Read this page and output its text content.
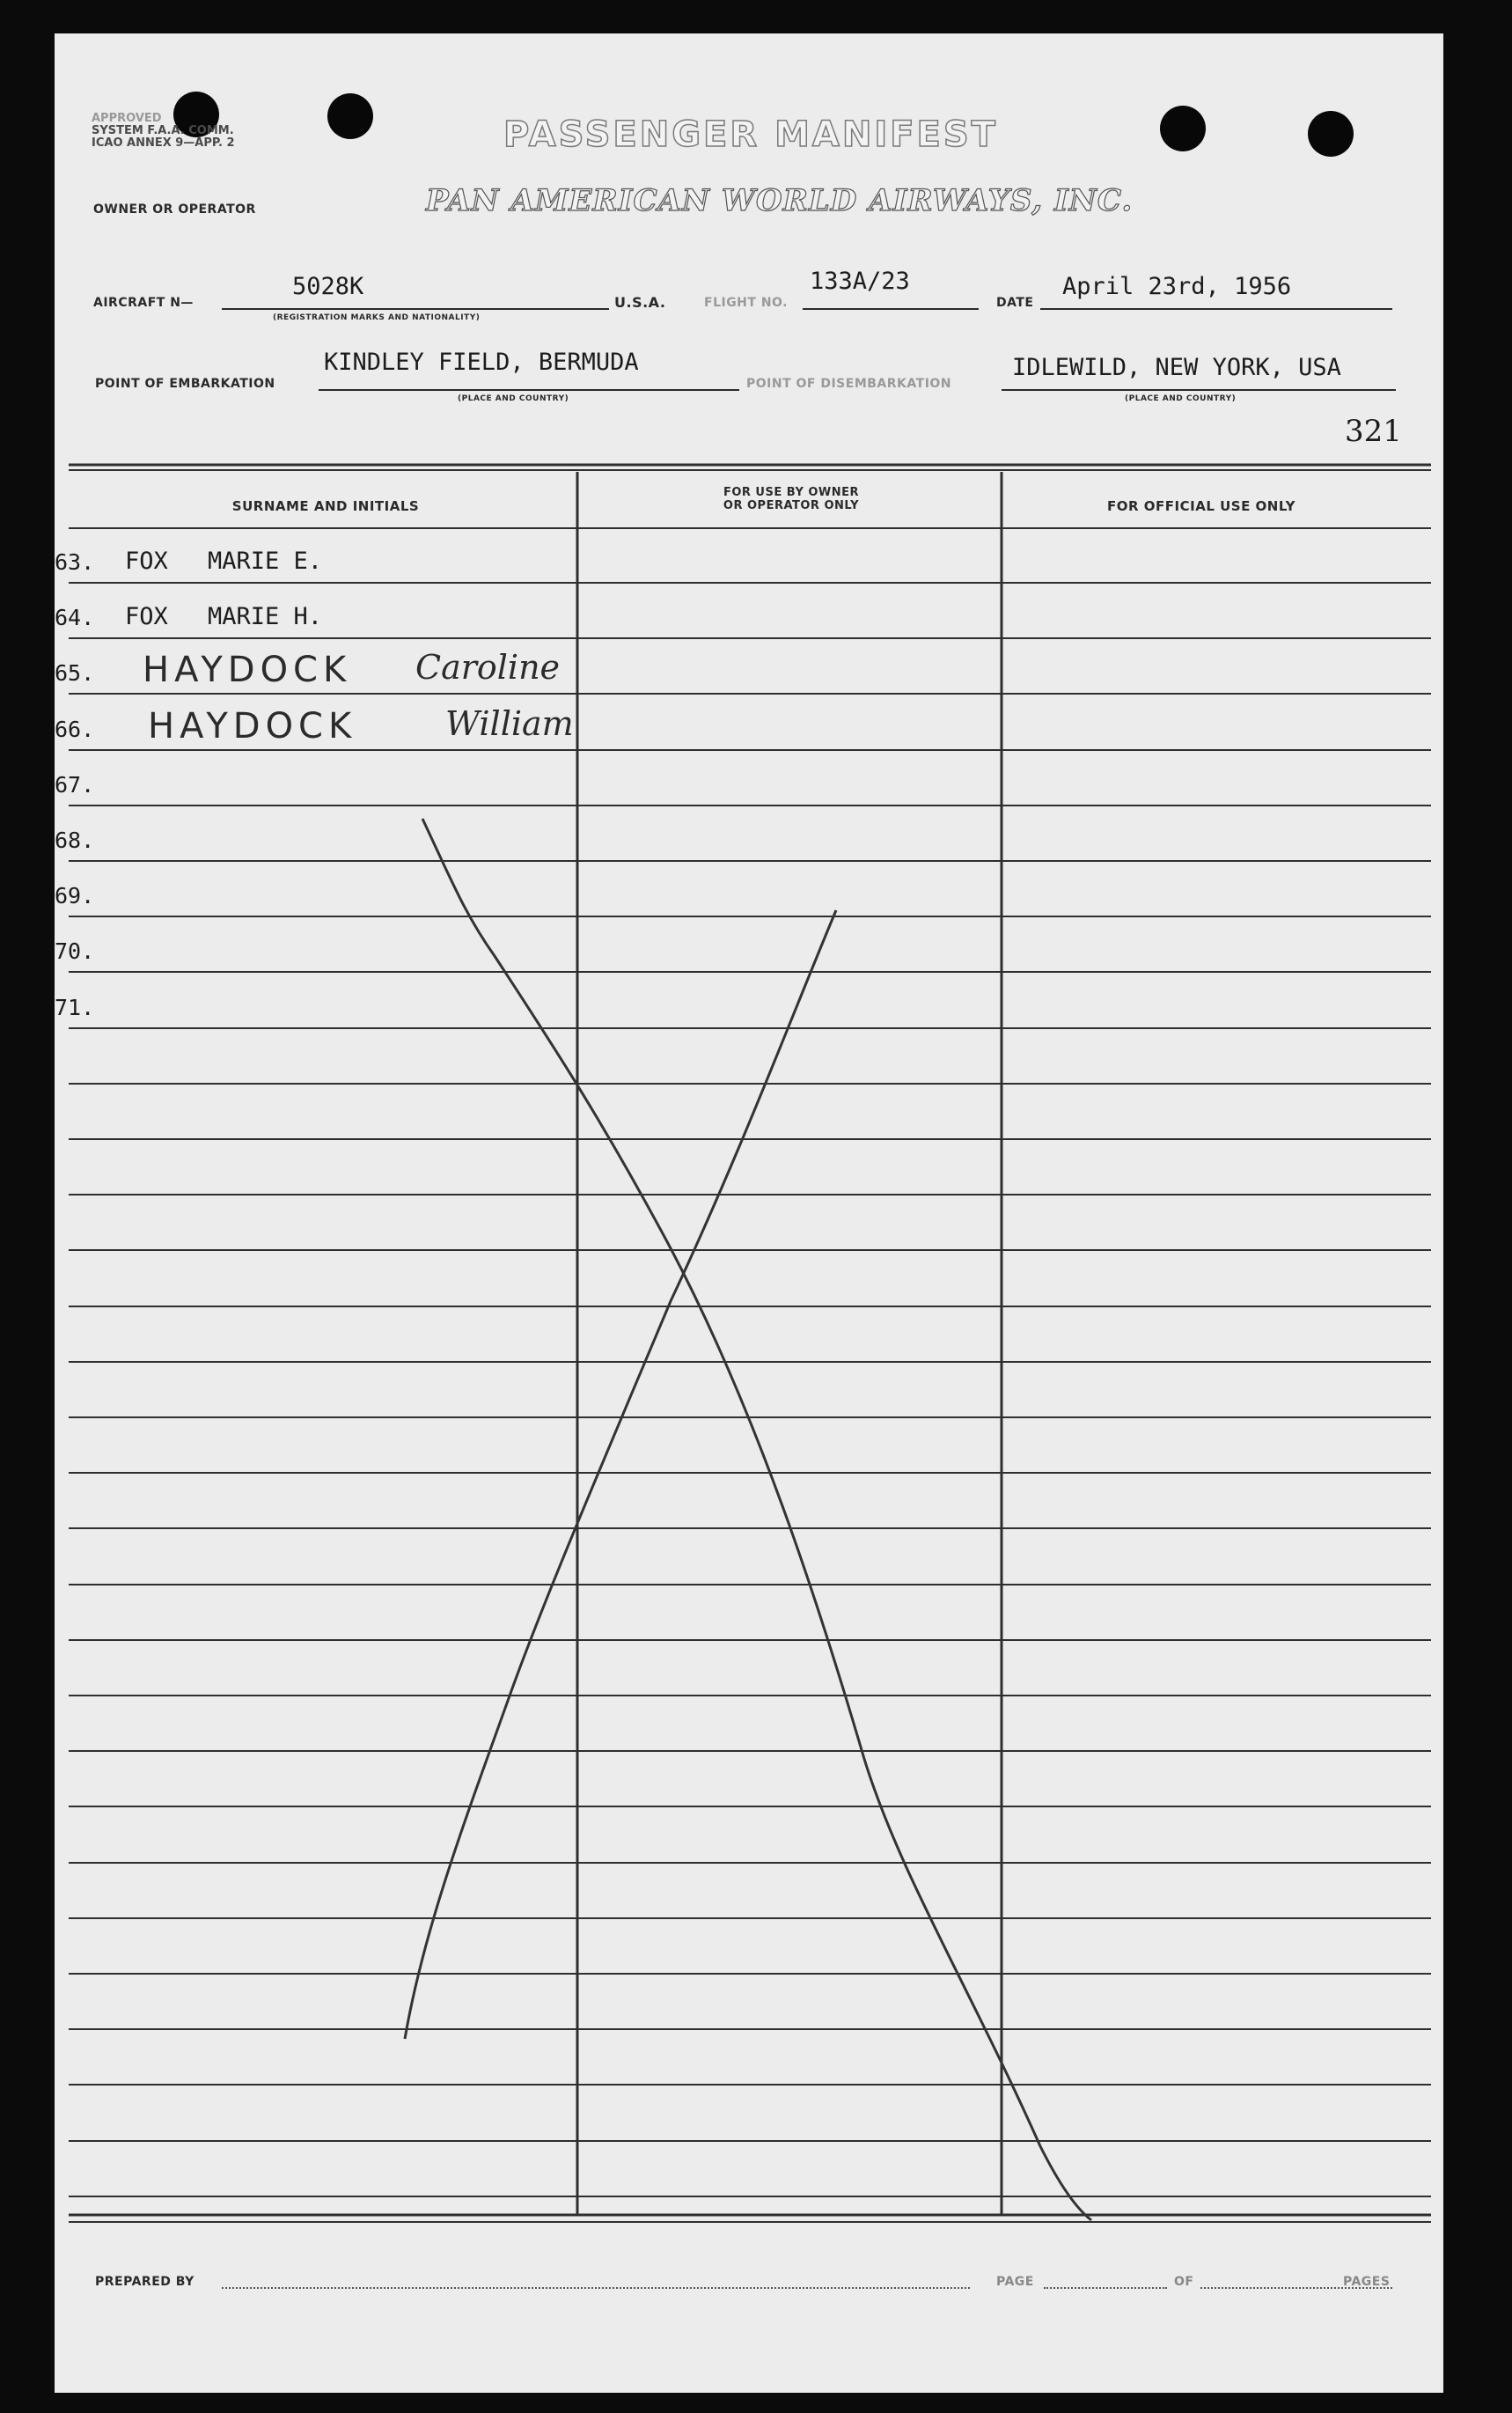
APPROVED
SYSTEM F.A.A. COMM.
ICAO ANNEX 9—APP. 2	PASSENGER MANIFEST
OWNER OR OPERATOR	PAN AMERICAN WORLD AIRWAYS, INC.
AIRCRAFT N—
5028K
(REGISTRATION MARKS AND NATIONALITY)
U.S.A.	FLIGHT NO.
133A/23
DATE
April 23rd, 1956
POINT OF EMBARKATION
KINDLEY FIELD, BERMUDA
(PLACE AND COUNTRY)
POINT OF DISEMBARKATION
IDLEWILD, NEW YORK, USA
(PLACE AND COUNTRY)
321
SURNAME AND INITIALS
FOR USE BY OWNER
OR OPERATOR ONLY	FOR OFFICIAL USE ONLY
63. FOX MARIE E.
64. FOX MARIE H.
65. HAYDOCK Caroline
66. HAYDOCK	William
67.
68.
69.
70.
71.
PREPARED BY	PAGE	OF	PAGES
